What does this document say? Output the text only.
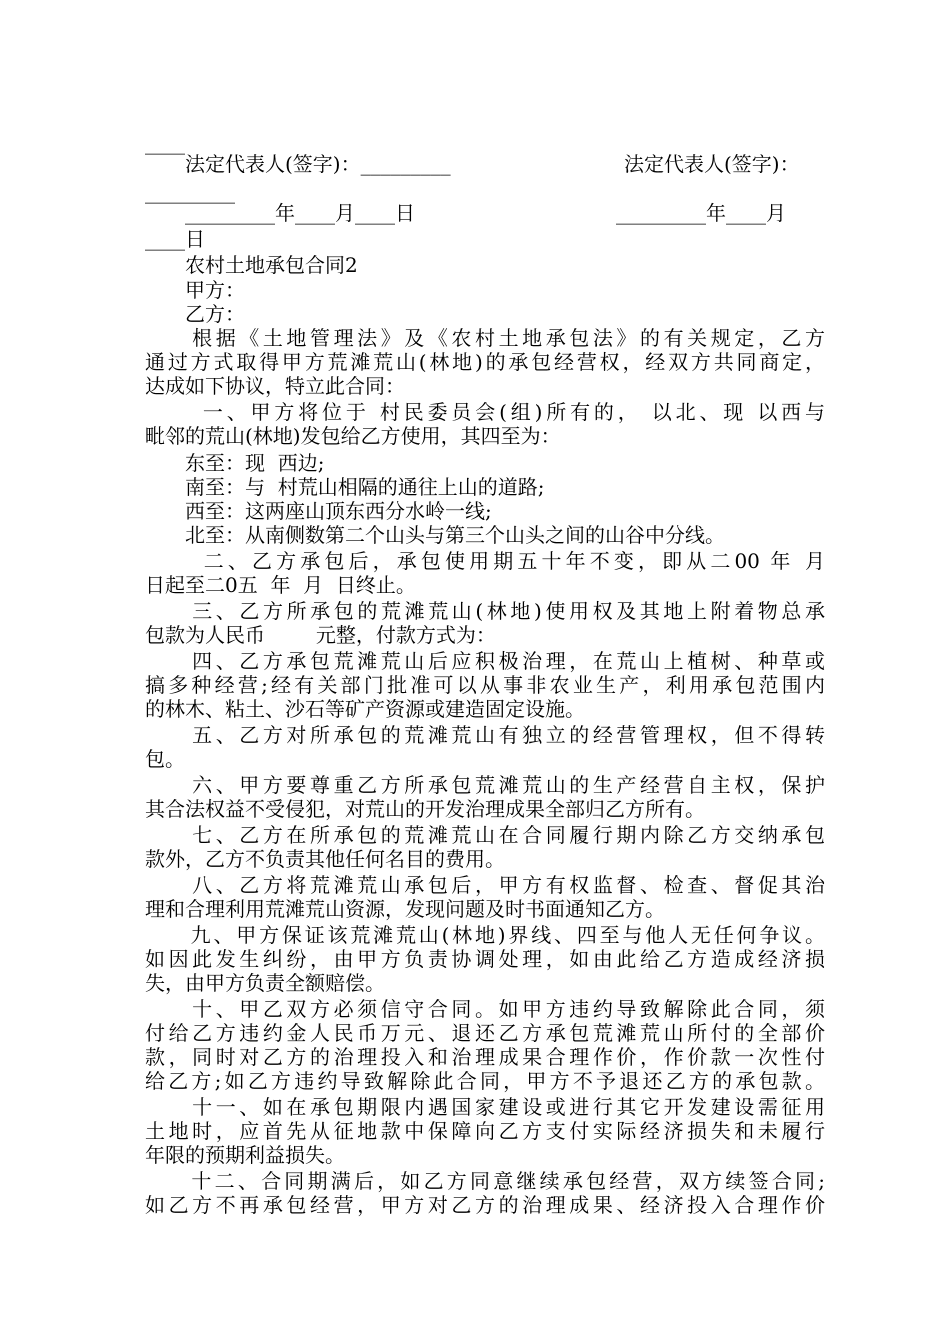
____
　　法定代表人(签字)：_________	法定代表人(签字)：
_________
　　_________年____月____日	_________年____月
____日
　　农村土地承包合同2
　　甲方：
　　乙方：
　　根据《土地管理法》及《农村土地承包法》的有关规定，乙方
通过方式取得甲方荒滩荒山(林地)的承包经营权，经双方共同商定，
达成如下协议，特立此合同：
　　 一、甲方将位于 村民委员会(组)所有的， 以北、现 以西与
毗邻的荒山(林地)发包给乙方使用，其四至为：
　　东至：现  西边;
　　南至：与  村荒山相隔的通往上山的道路;
　　西至：这两座山顶东西分水岭一线;
　　北至：从南侧数第二个山头与第三个山头之间的山谷中分线。
　　 二、乙方承包后，承包使用期五十年不变，即从二00 年 月
日起至二0五  年  月  日终止。
　　三、乙方所承包的荒滩荒山(林地)使用权及其地上附着物总承
包款为人民币        元整，付款方式为：
　　四、乙方承包荒滩荒山后应积极治理，在荒山上植树、种草或
搞多种经营;经有关部门批准可以从事非农业生产，利用承包范围内
的林木、粘土、沙石等矿产资源或建造固定设施。
　　五、乙方对所承包的荒滩荒山有独立的经营管理权，但不得转
包。
　　六、甲方要尊重乙方所承包荒滩荒山的生产经营自主权，保护
其合法权益不受侵犯，对荒山的开发治理成果全部归乙方所有。
　　七、乙方在所承包的荒滩荒山在合同履行期内除乙方交纳承包
款外，乙方不负责其他任何名目的费用。
　　八、乙方将荒滩荒山承包后，甲方有权监督、检查、督促其治
理和合理利用荒滩荒山资源，发现问题及时书面通知乙方。
　　九、甲方保证该荒滩荒山(林地)界线、四至与他人无任何争议。
如因此发生纠纷，由甲方负责协调处理，如由此给乙方造成经济损
失，由甲方负责全额赔偿。
　　十、甲乙双方必须信守合同。如甲方违约导致解除此合同，须
付给乙方违约金人民币万元、退还乙方承包荒滩荒山所付的全部价
款，同时对乙方的治理投入和治理成果合理作价，作价款一次性付
给乙方;如乙方违约导致解除此合同，甲方不予退还乙方的承包款。
　　十一、如在承包期限内遇国家建设或进行其它开发建设需征用
土地时，应首先从征地款中保障向乙方支付实际经济损失和未履行
年限的预期利益损失。
　　十二、合同期满后，如乙方同意继续承包经营，双方续签合同;
如乙方不再承包经营，甲方对乙方的治理成果、经济投入合理作价
